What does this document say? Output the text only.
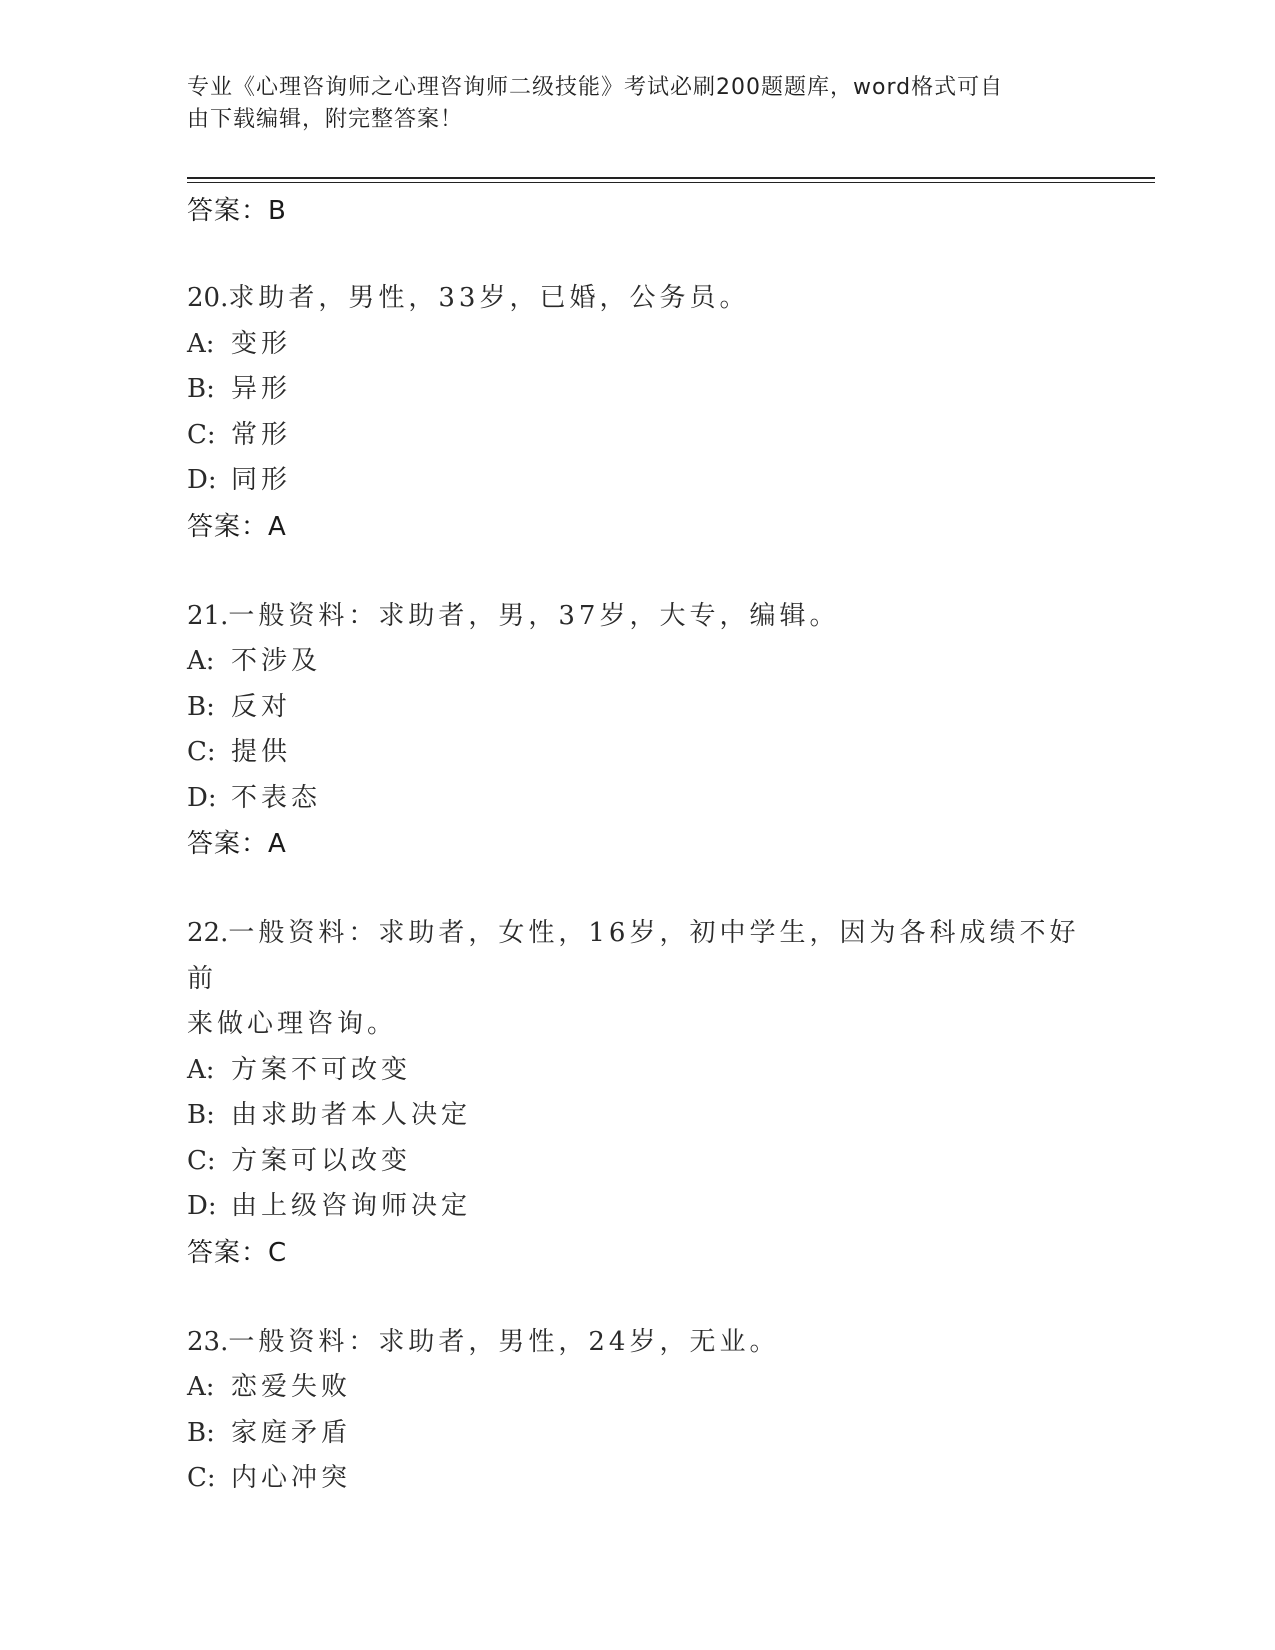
专业《心理咨询师之心理咨询师二级技能》考试必刷200题题库，word格式可自
由下载编辑，附完整答案！
答案：B
20.求助者，男性，33岁，已婚，公务员。
A: 变形
B: 异形
C: 常形
D: 同形
答案：A
21.一般资料：求助者，男，37岁，大专，编辑。
A: 不涉及
B: 反对
C: 提供
D: 不表态
答案：A
22.一般资料：求助者，女性，16岁，初中学生，因为各科成绩不好前
来做心理咨询。
A: 方案不可改变
B: 由求助者本人决定
C: 方案可以改变
D: 由上级咨询师决定
答案：C
23.一般资料：求助者，男性，24岁，无业。
A: 恋爱失败
B: 家庭矛盾
C: 内心冲突
